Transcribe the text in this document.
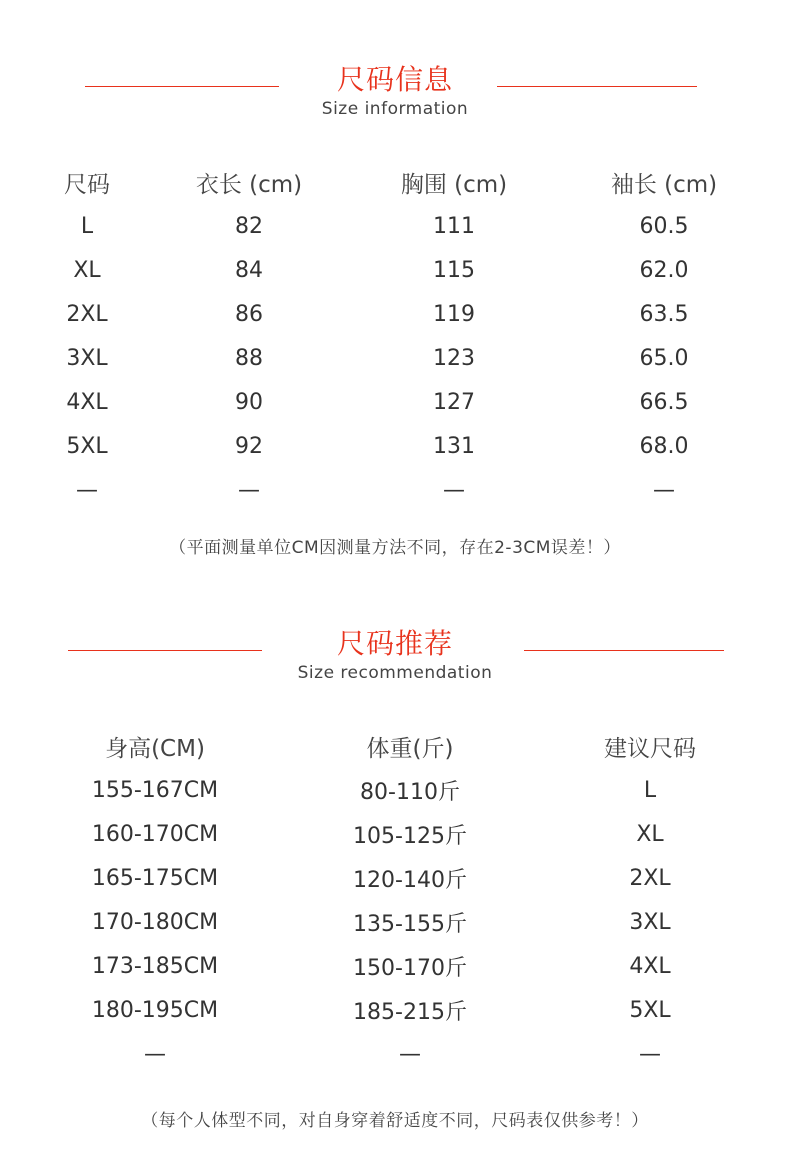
尺码信息
Size information
尺码	衣长 (cm)	胸围 (cm)	袖长 (cm)
L	82	111	60.5
XL	84	115	62.0
2XL	86	119	63.5
3XL	88	123	65.0
4XL	90	127	66.5
5XL	92	131	68.0
—	—	—	—
（平面测量单位CM因测量方法不同，存在2-3CM误差！）
尺码推荐
Size recommendation
身高(CM)	体重(斤)	建议尺码
155-167CM	80-110斤	L
160-170CM	105-125斤	XL
165-175CM	120-140斤	2XL
170-180CM	135-155斤	3XL
173-185CM	150-170斤	4XL
180-195CM	185-215斤	5XL
—	—	—
（每个人体型不同，对自身穿着舒适度不同，尺码表仅供参考！）
